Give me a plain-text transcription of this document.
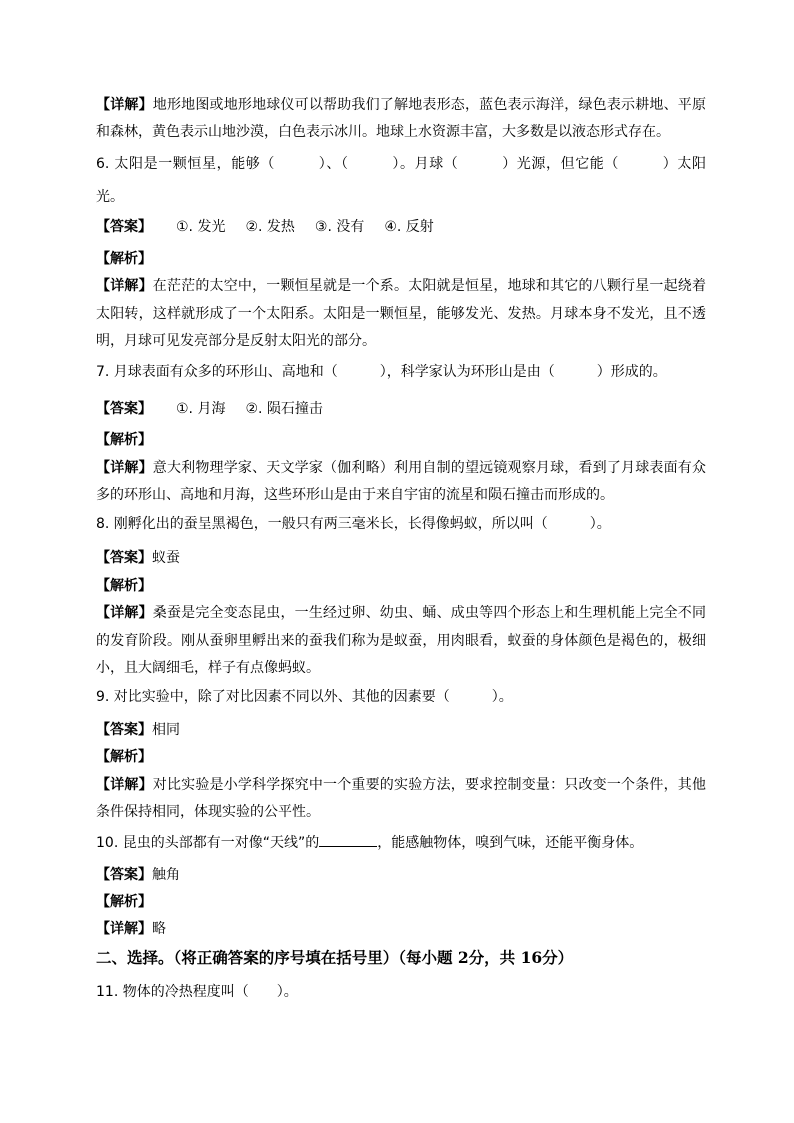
【详解】地形地图或地形地球仪可以帮助我们了解地表形态，蓝色表示海洋，绿色表示耕地、平原
和森林，黄色表示山地沙漠，白色表示冰川。地球上水资源丰富，大多数是以液态形式存在。
6. 太阳是一颗恒星，能够（　　　）、（　　　）。月球（　　　）光源，但它能（　　　）太阳
光。
【答案】 ①. 发光 ②. 发热 ③. 没有 ④. 反射
【解析】
【详解】在茫茫的太空中，一颗恒星就是一个系。太阳就是恒星，地球和其它的八颗行星一起绕着
太阳转，这样就形成了一个太阳系。太阳是一颗恒星，能够发光、发热。月球本身不发光，且不透
明，月球可见发亮部分是反射太阳光的部分。
7. 月球表面有众多的环形山、高地和（　　　），科学家认为环形山是由（　　　）形成的。
【答案】 ①. 月海 ②. 陨石撞击
【解析】
【详解】意大利物理学家、天文学家（伽利略）利用自制的望远镜观察月球，看到了月球表面有众
多的环形山、高地和月海，这些环形山是由于来自宇宙的流星和陨石撞击而形成的。
8. 刚孵化出的蚕呈黑褐色，一般只有两三毫米长，长得像蚂蚁，所以叫（　　　）。
【答案】蚁蚕
【解析】
【详解】桑蚕是完全变态昆虫，一生经过卵、幼虫、蛹、成虫等四个形态上和生理机能上完全不同
的发育阶段。刚从蚕卵里孵出来的蚕我们称为是蚁蚕，用肉眼看，蚁蚕的身体颜色是褐色的，极细
小，且大阔细毛，样子有点像蚂蚁。
9. 对比实验中，除了对比因素不同以外、其他的因素要（　　　）。
【答案】相同
【解析】
【详解】对比实验是小学科学探究中一个重要的实验方法，要求控制变量：只改变一个条件，其他
条件保持相同，体现实验的公平性。
10. 昆虫的头部都有一对像“天线”的	，能感触物体，嗅到气味，还能平衡身体。
【答案】触角
【解析】
【详解】略
二、选择。（将正确答案的序号填在括号里）（每小题 2分，共 16分）
11. 物体的冷热程度叫（　　）。
